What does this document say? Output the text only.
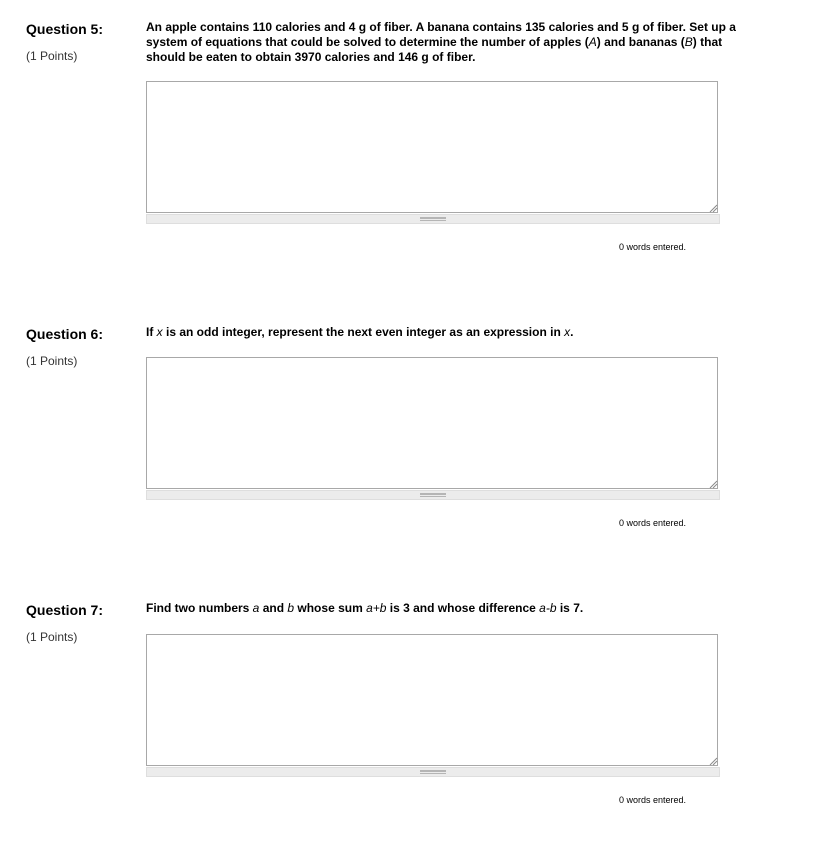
Question 5:
(1 Points)
An apple contains 110 calories and 4 g of fiber. A banana contains 135 calories and 5 g of fiber. Set up a system of equations that could be solved to determine the number of apples (A) and bananas (B) that should be eaten to obtain 3970 calories and 146 g of fiber.
0 words entered.
Question 6:
(1 Points)
If x is an odd integer, represent the next even integer as an expression in x.
0 words entered.
Question 7:
(1 Points)
Find two numbers a and b whose sum a+b is 3 and whose difference a-b is 7.
0 words entered.
